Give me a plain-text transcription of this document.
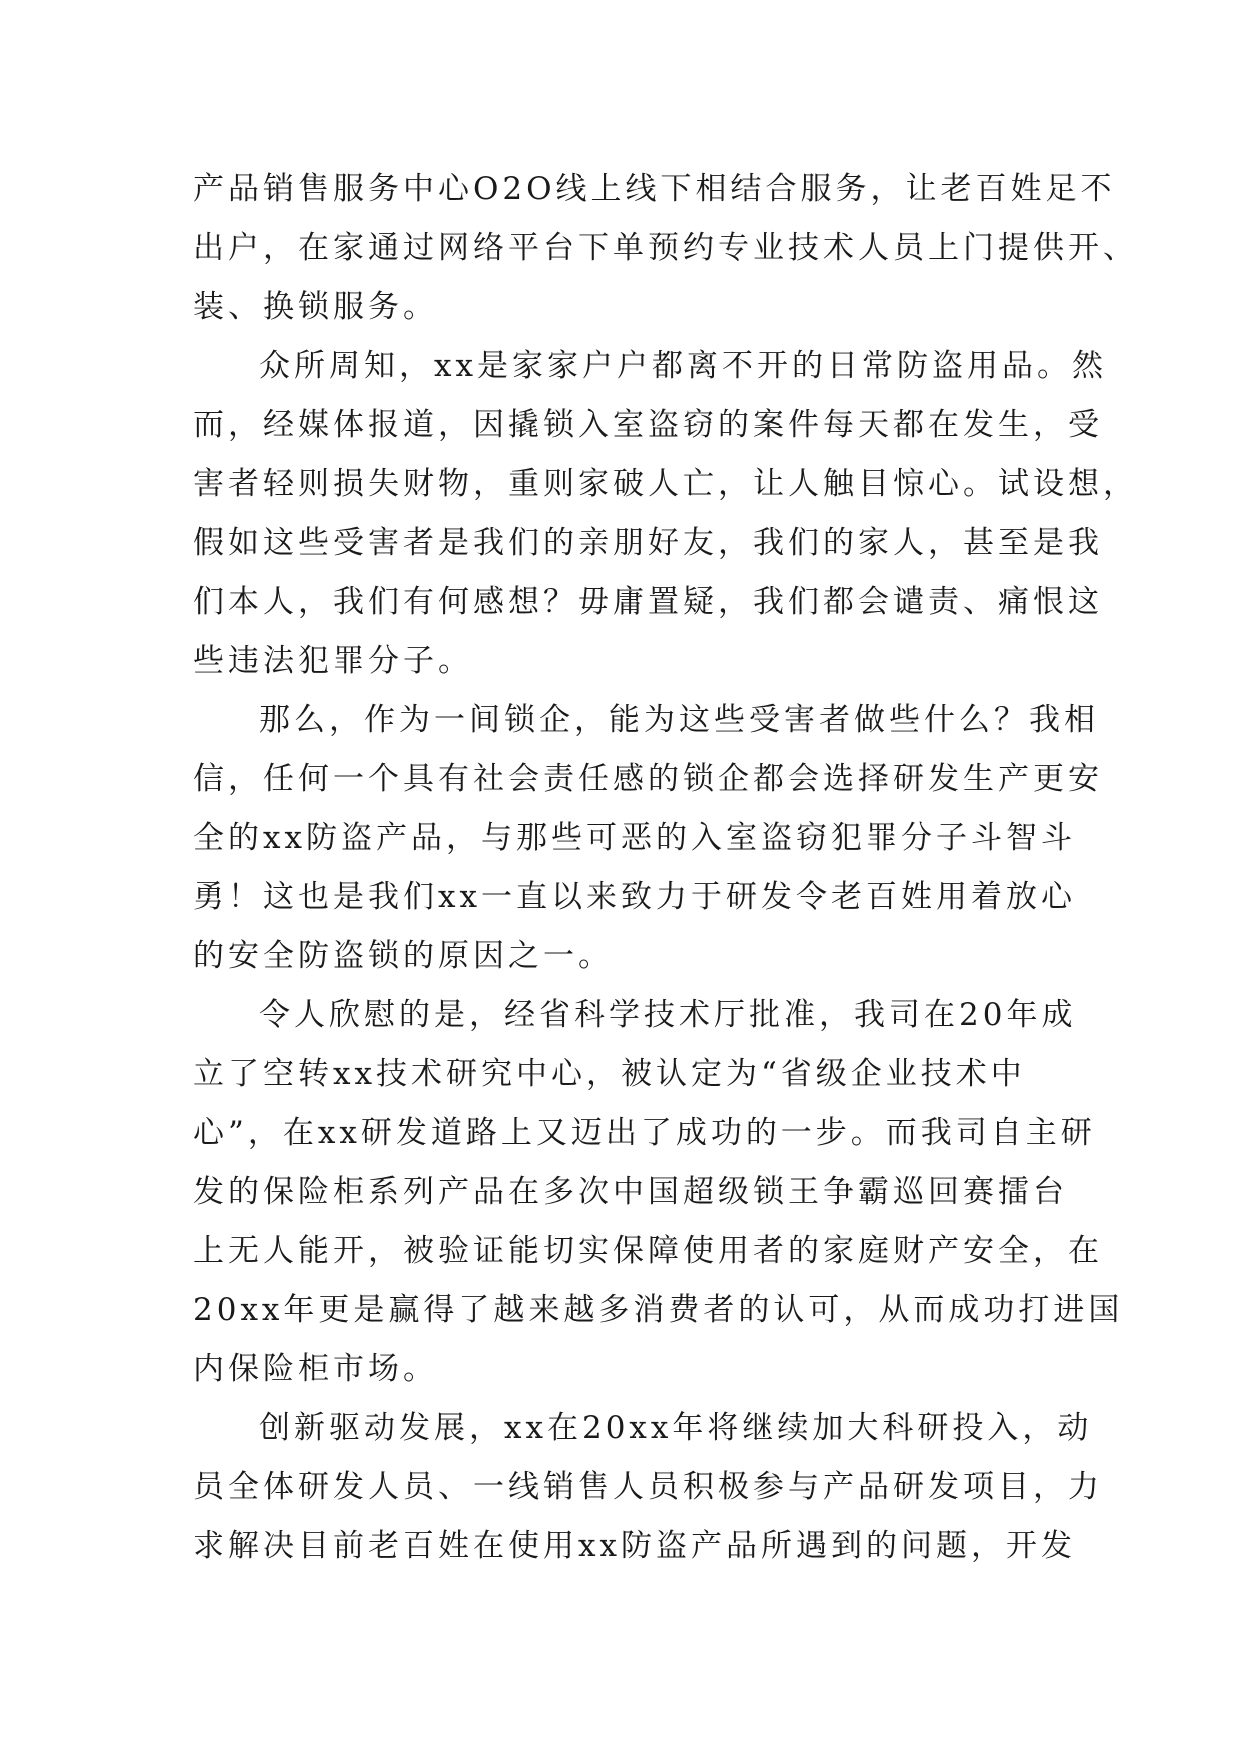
产品销售服务中心O2O线上线下相结合服务，让老百姓足不
出户，在家通过网络平台下单预约专业技术人员上门提供开、
装、换锁服务。
众所周知，xx是家家户户都离不开的日常防盗用品。然
而，经媒体报道，因撬锁入室盗窃的案件每天都在发生，受
害者轻则损失财物，重则家破人亡，让人触目惊心。试设想，
假如这些受害者是我们的亲朋好友，我们的家人，甚至是我
们本人，我们有何感想？毋庸置疑，我们都会谴责、痛恨这
些违法犯罪分子。
那么，作为一间锁企，能为这些受害者做些什么？我相
信，任何一个具有社会责任感的锁企都会选择研发生产更安
全的xx防盗产品，与那些可恶的入室盗窃犯罪分子斗智斗
勇！这也是我们xx一直以来致力于研发令老百姓用着放心
的安全防盗锁的原因之一。
令人欣慰的是，经省科学技术厅批准，我司在20年成
立了空转xx技术研究中心，被认定为“省级企业技术中
心”，在xx研发道路上又迈出了成功的一步。而我司自主研
发的保险柜系列产品在多次中国超级锁王争霸巡回赛擂台
上无人能开，被验证能切实保障使用者的家庭财产安全，在
20xx年更是赢得了越来越多消费者的认可，从而成功打进国
内保险柜市场。
创新驱动发展，xx在20xx年将继续加大科研投入，动
员全体研发人员、一线销售人员积极参与产品研发项目，力
求解决目前老百姓在使用xx防盗产品所遇到的问题，开发
